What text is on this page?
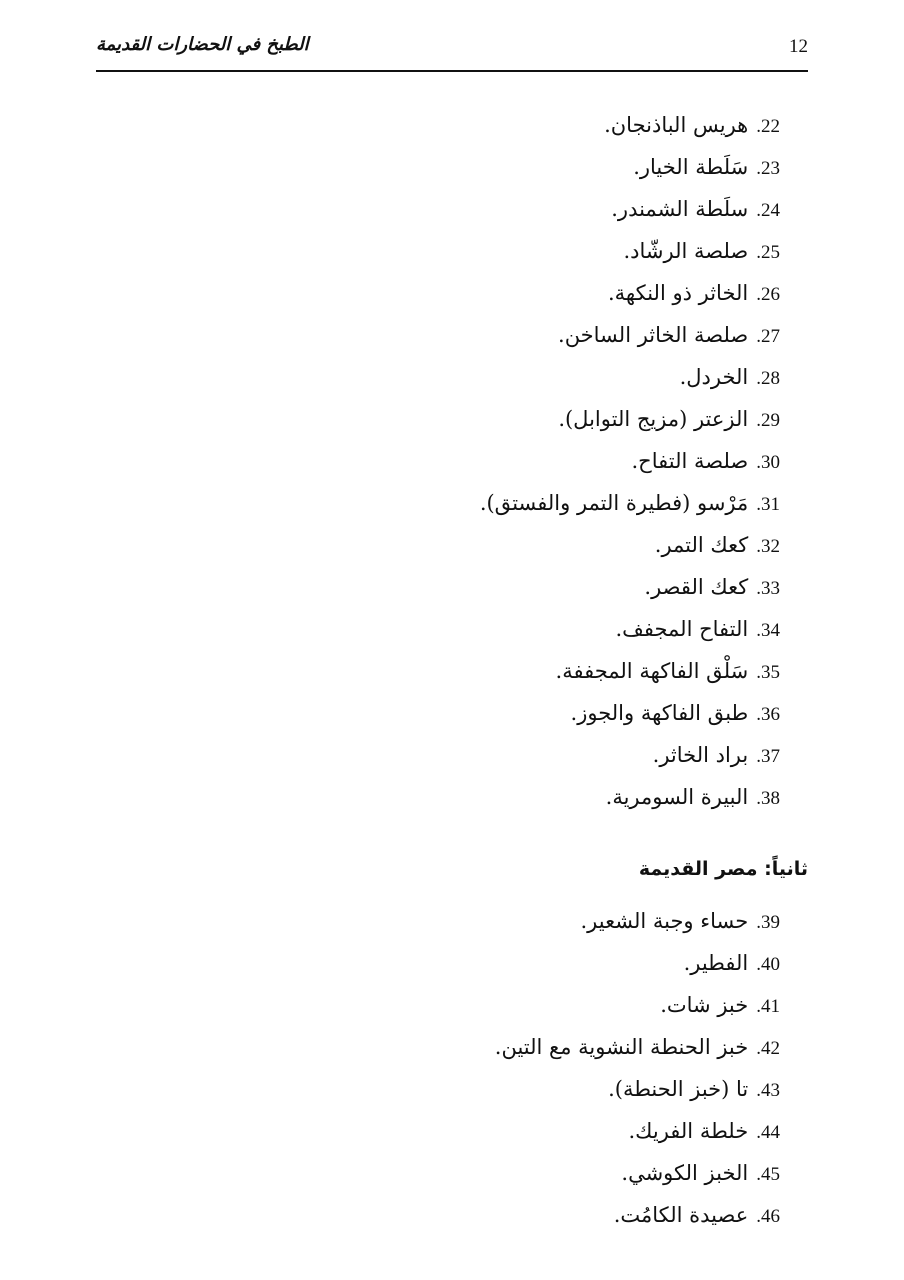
12
الطبخ في الحضارات القديمة
22 .هريس الباذنجان.
23 .سَلَطة الخيار.
24 .سلَطة الشمندر.
25 .صلصة الرشّاد.
26 .الخاثر ذو النكهة.
27 .صلصة الخاثر الساخن.
28 .الخردل.
29 .الزعتر (مزيج التوابل).
30 .صلصة التفاح.
31 .مَرْسو (فطيرة التمر والفستق).
32 .كعك التمر.
33 .كعك القصر.
34 .التفاح المجفف.
35 .سَلْق الفاكهة المجففة.
36 .طبق الفاكهة والجوز.
37 .براد الخاثر.
38 .البيرة السومرية.
ثانياً: مصر القديمة
39 .حساء وجبة الشعير.
40 .الفطير.
41 .خبز شات.
42 .خبز الحنطة النشوية مع التين.
43 .تا (خبز الحنطة).
44 .خلطة الفريك.
45 .الخبز الكوشي.
46 .عصيدة الكامُت.
